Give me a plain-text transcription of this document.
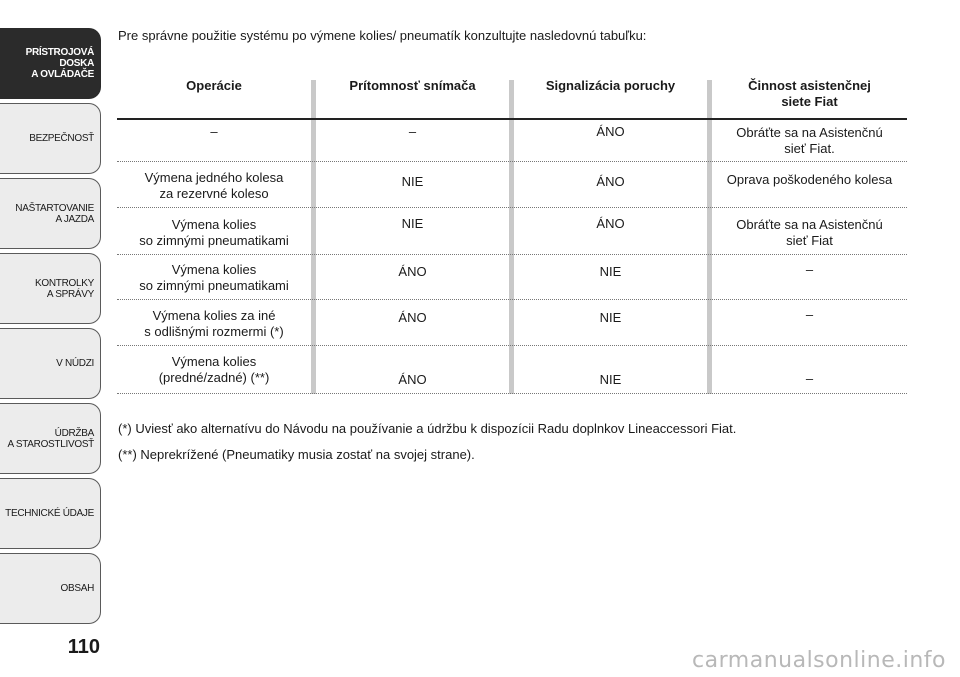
PRÍSTROJOVÁ
DOSKA
A OVLÁDAČE
BEZPEČNOSŤ
NAŠTARTOVANIE
A JAZDA
KONTROLKY
A SPRÁVY
V NÚDZI
ÚDRŽBA
A STAROSTLIVOSŤ
TECHNICKÉ ÚDAJE
OBSAH
110
Pre správne použitie systému po výmene kolies/ pneumatík konzultujte nasledovnú tabuľku:
Operácie	Prítomnosť snímača	Signalizácia poruchy	Činnost asistenčnej
siete Fiat
–	–	ÁNO	Obráťte sa na Asistenčnú
sieť Fiat.
Výmena jedného kolesa
za rezervné koleso
NIE	ÁNO	Oprava poškodeného kolesa
Výmena kolies
so zimnými pneumatikami
NIE	ÁNO	Obráťte sa na Asistenčnú
sieť Fiat
Výmena kolies
so zimnými pneumatikami
ÁNO	NIE	–
Výmena kolies za iné
s odlišnými rozmermi (*)
ÁNO	NIE	–
Výmena kolies
(predné/zadné) (**)	ÁNO	NIE	–
(*) Uviesť ako alternatívu do Návodu na používanie a údržbu k dispozícii Radu doplnkov Lineaccessori Fiat.
(**) Neprekrížené (Pneumatiky musia zostať na svojej strane).
carmanualsonline.info
